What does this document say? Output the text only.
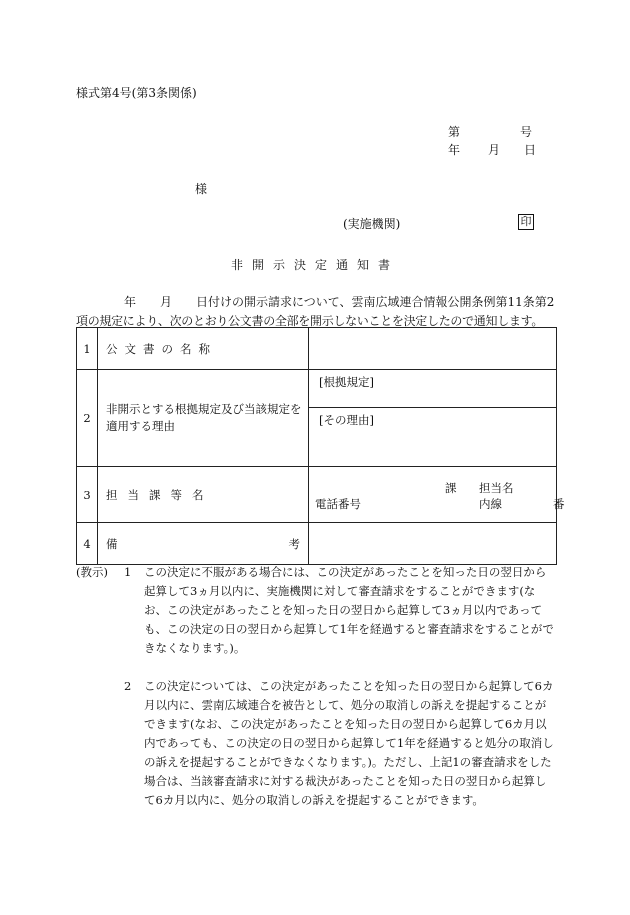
様式第4号(第3条関係)
第	号
年 月 日
様
(実施機関)	印
非開示決定通知書

年　　月　　日付けの開示請求について、雲南広域連合情報公開条例第11条第2

項の規定により、次のとおり公文書の全部を開示しないことを決定したので通知します。

1	公文書の名称	
2	非開示とする根拠規定及び当該規定を適用する理由	[根拠規定]
[その理由]

3	担当課等名	課 担当名
電話番号 内線 番

4	備 考	

(教示) 1	この決定に不服がある場合には、この決定があったことを知った日の翌日から起算して3ヵ月以内に、実施機関に対して審査請求をすることができます(なお、この決定があったことを知った日の翌日から起算して3ヵ月以内であっても、この決定の日の翌日から起算して1年を経過すると審査請求をすることができなくなります。)。
2	この決定については、この決定があったことを知った日の翌日から起算して6カ月以内に、雲南広域連合を被告として、処分の取消しの訴えを提起することができます(なお、この決定があったことを知った日の翌日から起算して6カ月以内であっても、この決定の日の翌日から起算して1年を経過すると処分の取消しの訴えを提起することができなくなります。)。ただし、上記1の審査請求をした場合は、当該審査請求に対する裁決があったことを知った日の翌日から起算して6カ月以内に、処分の取消しの訴えを提起することができます。
